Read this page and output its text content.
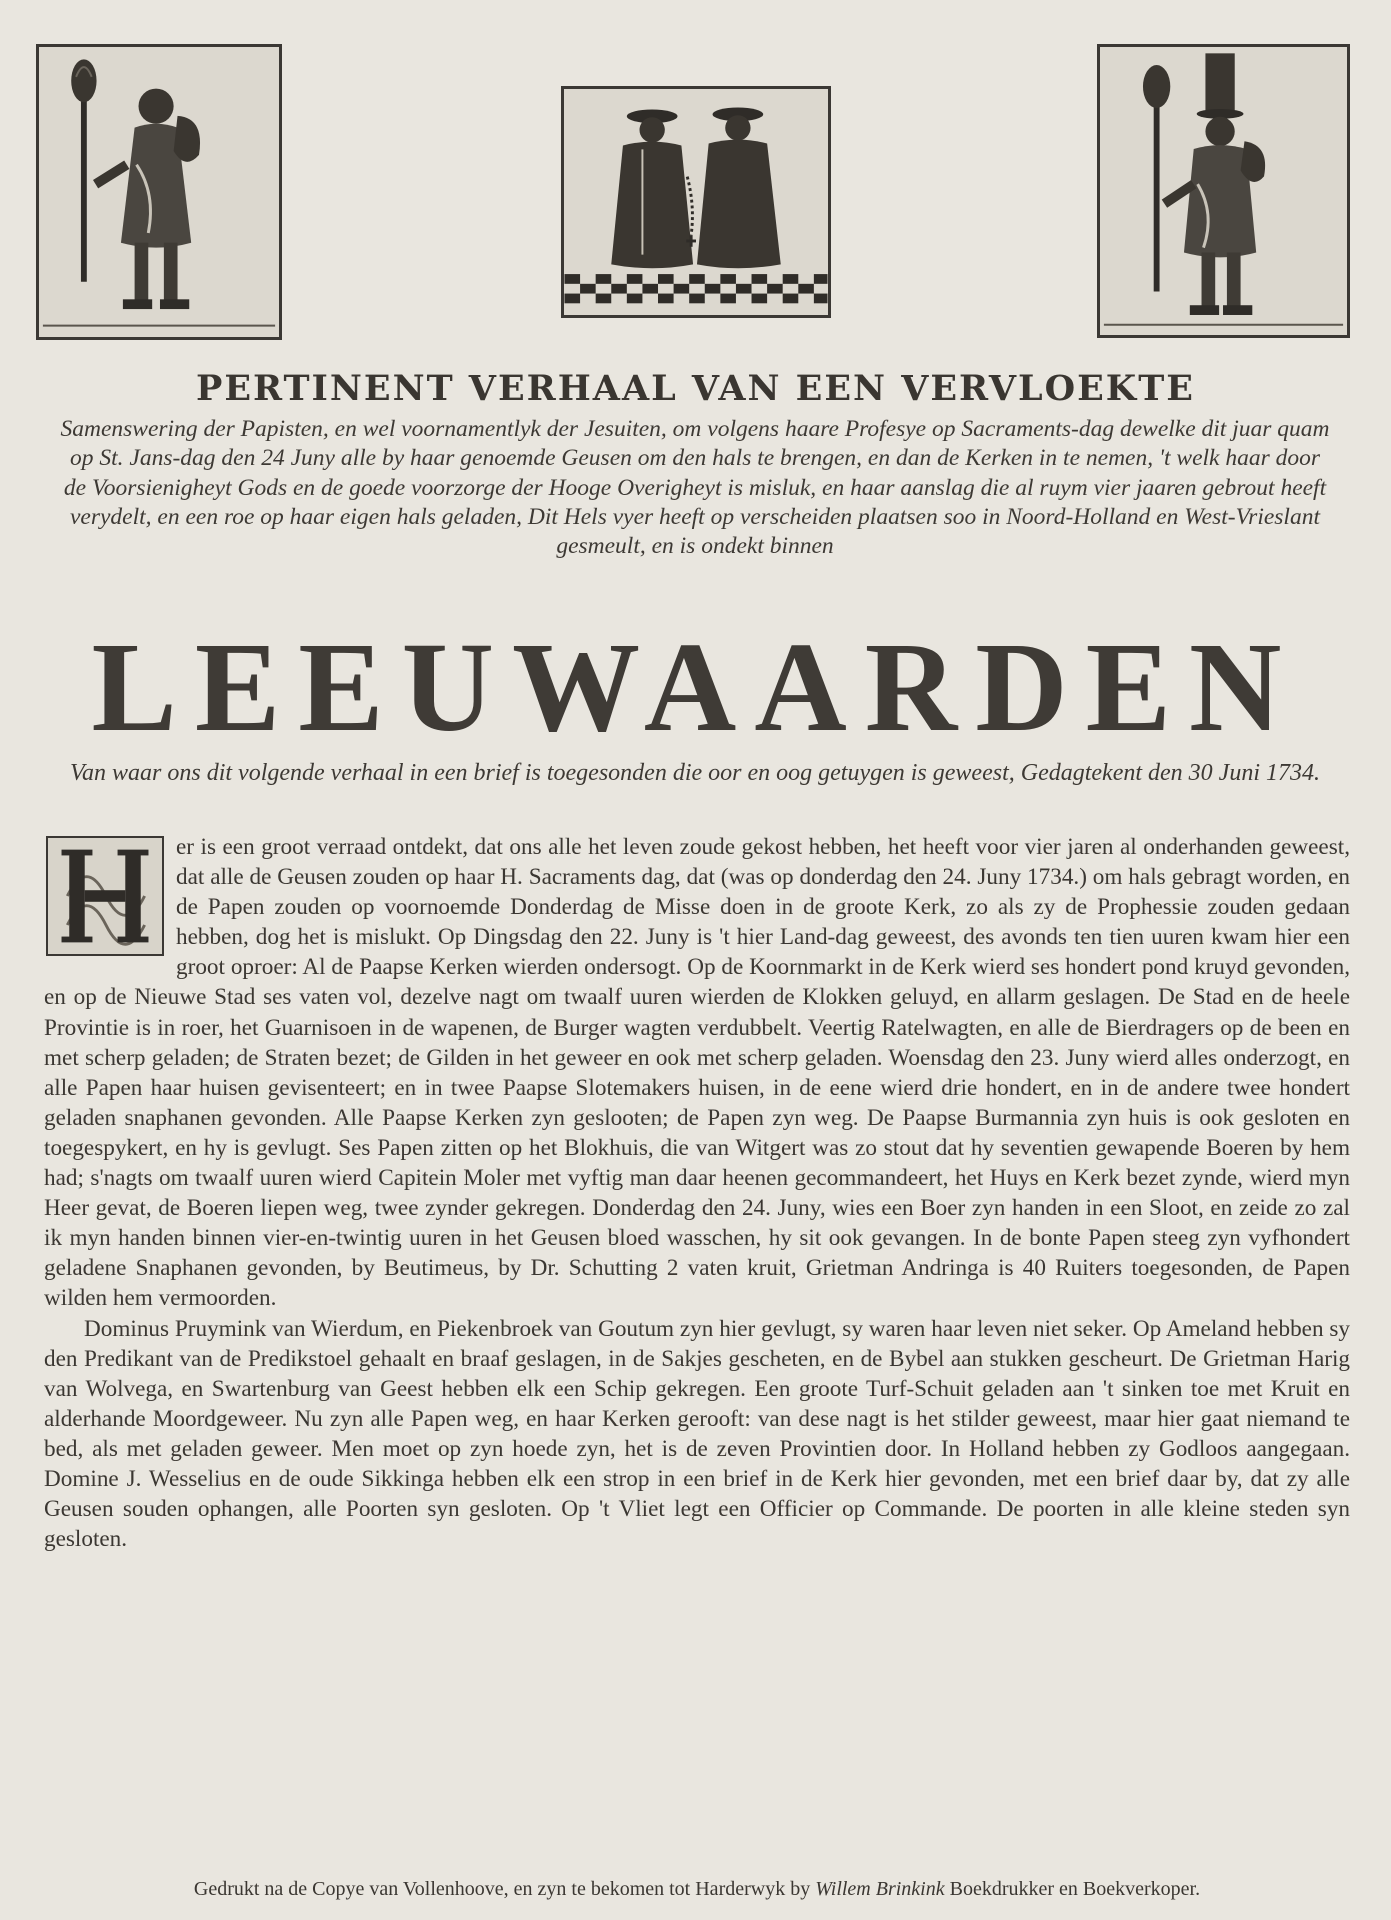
PERTINENT VERHAAL VAN EEN VERVLOEKTE

Samenswering der Papisten, en wel voornamentlyk der Jesuiten, om volgens haare Profesye op Sacraments-dag dewelke dit juar quam op St. Jans-dag den 24 Juny alle by haar genoemde Geusen om den hals te brengen, en dan de Kerken in te nemen, 't welk haar door de Voorsienigheyt Gods en de goede voorzorge der Hooge Overigheyt is misluk, en haar aanslag die al ruym vier jaaren gebrout heeft verydelt, en een roe op haar eigen hals geladen, Dit Hels vyer heeft op verscheiden plaatsen soo in Noord-Holland en West-Vrieslant gesmeult, en is ondekt binnen

LEEUWAARDEN

Van waar ons dit volgende verhaal in een brief is toegesonden die oor en oog getuygen is geweest, Gedagtekent den 30 Juni 1734.

er is een groot verraad ontdekt, dat ons alle het leven zoude gekost hebben, het heeft voor vier jaren al onderhanden geweest, dat alle de Geusen zouden op haar H. Sacraments dag, dat (was op donderdag den 24. Juny 1734.) om hals gebragt worden, en de Papen zouden op voornoemde Donderdag de Misse doen in de groote Kerk, zo als zy de Prophessie zouden gedaan hebben, dog het is mislukt. Op Dingsdag den 22. Juny is 't hier Land-dag geweest, des avonds ten tien uuren kwam hier een groot oproer: Al de Paapse Kerken wierden ondersogt. Op de Koornmarkt in de Kerk wierd ses hondert pond kruyd gevonden, en op de Nieuwe Stad ses vaten vol, dezelve nagt om twaalf uuren wierden de Klokken geluyd, en allarm geslagen. De Stad en de heele Provintie is in roer, het Guarnisoen in de wapenen, de Burger wagten verdubbelt. Veertig Ratelwagten, en alle de Bierdragers op de been en met scherp geladen; de Straten bezet; de Gilden in het geweer en ook met scherp geladen. Woensdag den 23. Juny wierd alles onderzogt, en alle Papen haar huisen gevisenteert; en in twee Paapse Slotemakers huisen, in de eene wierd drie hondert, en in de andere twee hondert geladen snaphanen gevonden. Alle Paapse Kerken zyn geslooten; de Papen zyn weg. De Paapse Burmannia zyn huis is ook gesloten en toegespykert, en hy is gevlugt. Ses Papen zitten op het Blokhuis, die van Witgert was zo stout dat hy seventien gewapende Boeren by hem had; s'nagts om twaalf uuren wierd Capitein Moler met vyftig man daar heenen gecommandeert, het Huys en Kerk bezet zynde, wierd myn Heer gevat, de Boeren liepen weg, twee zynder gekregen. Donderdag den 24. Juny, wies een Boer zyn handen in een Sloot, en zeide zo zal ik myn handen binnen vier-en-twintig uuren in het Geusen bloed wasschen, hy sit ook gevangen. In de bonte Papen steeg zyn vyfhondert geladene Snaphanen gevonden, by Beutimeus, by Dr. Schutting 2 vaten kruit, Grietman Andringa is 40 Ruiters toegesonden, de Papen wilden hem vermoorden.

Dominus Pruymink van Wierdum, en Piekenbroek van Goutum zyn hier gevlugt, sy waren haar leven niet seker. Op Ameland hebben sy den Predikant van de Predikstoel gehaalt en braaf geslagen, in de Sakjes gescheten, en de Bybel aan stukken gescheurt. De Grietman Harig van Wolvega, en Swartenburg van Geest hebben elk een Schip gekregen. Een groote Turf-Schuit geladen aan 't sinken toe met Kruit en alderhande Moordgeweer. Nu zyn alle Papen weg, en haar Kerken gerooft: van dese nagt is het stilder geweest, maar hier gaat niemand te bed, als met geladen geweer. Men moet op zyn hoede zyn, het is de zeven Provintien door. In Holland hebben zy Godloos aangegaan. Domine J. Wesselius en de oude Sikkinga hebben elk een strop in een brief in de Kerk hier gevonden, met een brief daar by, dat zy alle Geusen souden ophangen, alle Poorten syn gesloten. Op 't Vliet legt een Officier op Commande. De poorten in alle kleine steden syn gesloten.

Gedrukt na de Copye van Vollenhoove, en zyn te bekomen tot Harderwyk by Willem Brinkink Boekdrukker en Boekverkoper.
